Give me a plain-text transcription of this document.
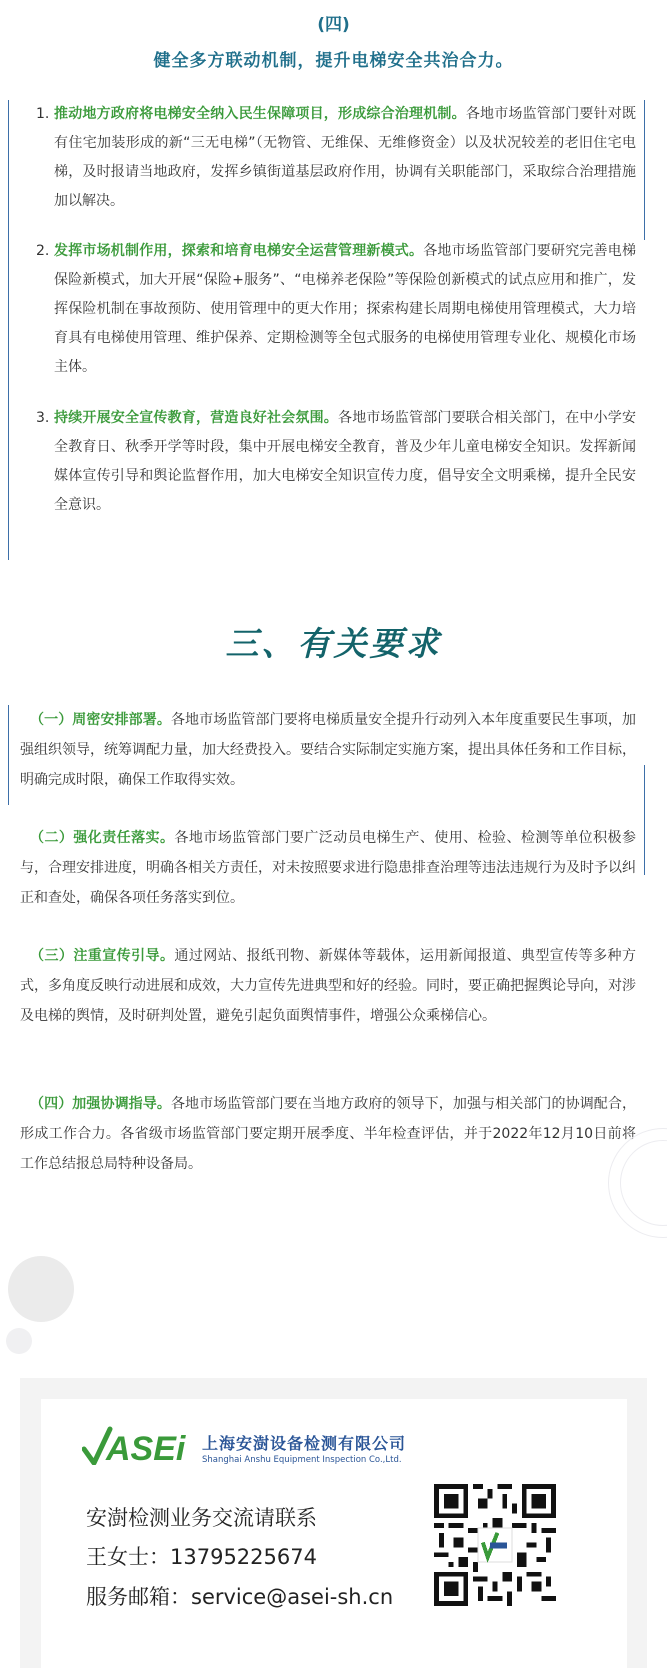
(四)
健全多方联动机制，提升电梯安全共治合力。
1. 推动地方政府将电梯安全纳入民生保障项目，形成综合治理机制。各地市场监管部门要针对既有住宅加装形成的新“三无电梯”（无物管、无维保、无维修资金）以及状况较差的老旧住宅电梯，及时报请当地政府，发挥乡镇街道基层政府作用，协调有关职能部门，采取综合治理措施加以解决。
2. 发挥市场机制作用，探索和培育电梯安全运营管理新模式。各地市场监管部门要研究完善电梯保险新模式，加大开展“保险+服务”、“电梯养老保险”等保险创新模式的试点应用和推广，发挥保险机制在事故预防、使用管理中的更大作用；探索构建长周期电梯使用管理模式，大力培育具有电梯使用管理、维护保养、定期检测等全包式服务的电梯使用管理专业化、规模化市场主体。
3. 持续开展安全宣传教育，营造良好社会氛围。各地市场监管部门要联合相关部门，在中小学安全教育日、秋季开学等时段，集中开展电梯安全教育，普及少年儿童电梯安全知识。发挥新闻媒体宣传引导和舆论监督作用，加大电梯安全知识宣传力度，倡导安全文明乘梯，提升全民安全意识。
三、有关要求
（一）周密安排部署。各地市场监管部门要将电梯质量安全提升行动列入本年度重要民生事项，加强组织领导，统筹调配力量，加大经费投入。要结合实际制定实施方案，提出具体任务和工作目标，明确完成时限，确保工作取得实效。
（二）强化责任落实。各地市场监管部门要广泛动员电梯生产、使用、检验、检测等单位积极参与，合理安排进度，明确各相关方责任，对未按照要求进行隐患排查治理等违法违规行为及时予以纠正和查处，确保各项任务落实到位。
（三）注重宣传引导。通过网站、报纸刊物、新媒体等载体，运用新闻报道、典型宣传等多种方式，多角度反映行动进展和成效，大力宣传先进典型和好的经验。同时，要正确把握舆论导向，对涉及电梯的舆情，及时研判处置，避免引起负面舆情事件，增强公众乘梯信心。
（四）加强协调指导。各地市场监管部门要在当地方政府的领导下，加强与相关部门的协调配合，形成工作合力。各省级市场监管部门要定期开展季度、半年检查评估，并于2022年12月10日前将工作总结报总局特种设备局。
ASEi 上海安澍设备检测有限公司
Shanghai Anshu Equipment Inspection Co.,Ltd.
安澍检测业务交流请联系
王女士：13795225674
服务邮箱：service@asei-sh.cn
